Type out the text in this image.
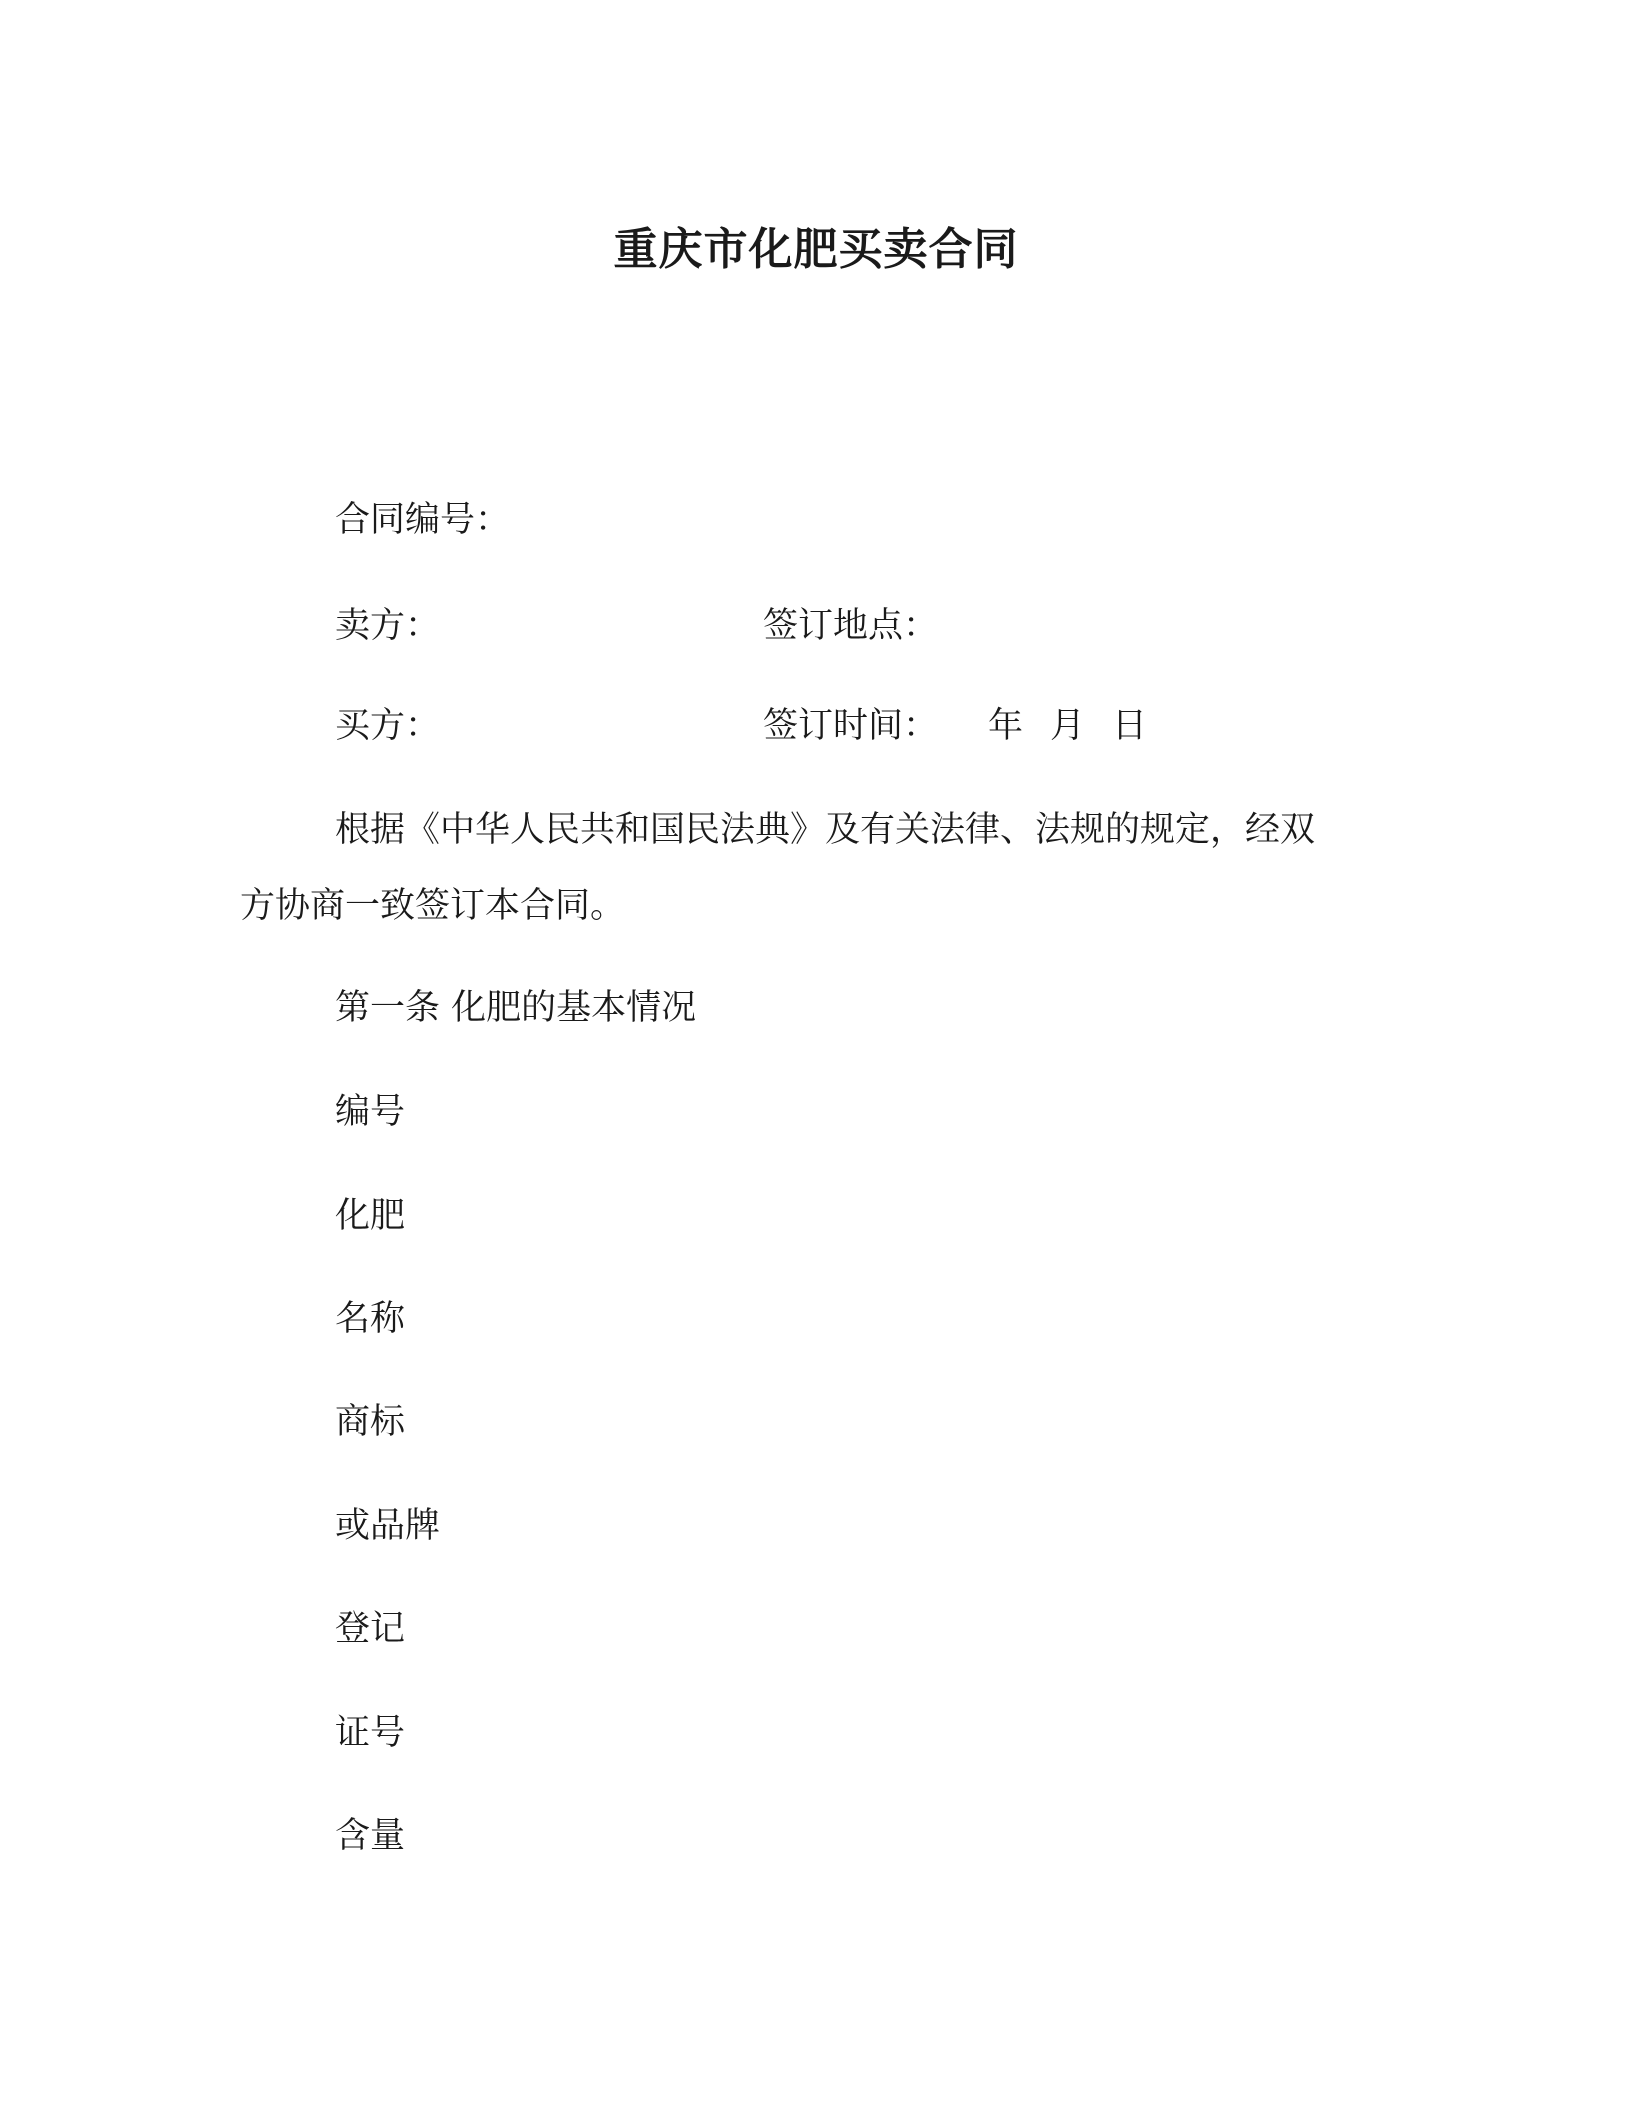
重庆市化肥买卖合同
合同编号：
卖方：	签订地点：
买方：	签订时间： 年 月 日
根据《中华人民共和国民法典》及有关法律、法规的规定，经双
方协商一致签订本合同。
第一条 化肥的基本情况
编号
化肥
名称
商标
或品牌
登记
证号
含量
